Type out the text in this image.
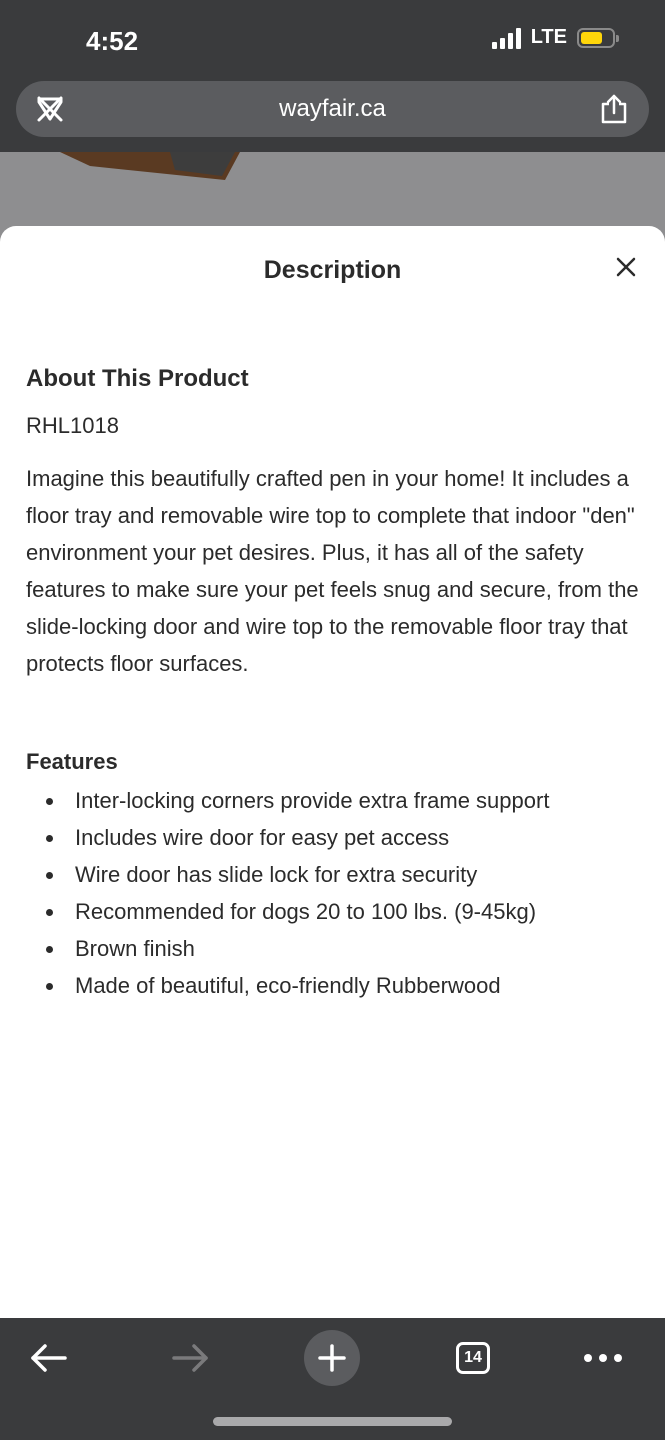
4:52	LTE
wayfair.ca
Description
About This Product
RHL1018
Imagine this beautifully crafted pen in your home! It includes a floor tray and removable wire top to complete that indoor "den" environment your pet desires. Plus, it has all of the safety features to make sure your pet feels snug and secure, from the slide-locking door and wire top to the removable floor tray that protects floor surfaces.
Features
Inter-locking corners provide extra frame support
Includes wire door for easy pet access
Wire door has slide lock for extra security
Recommended for dogs 20 to 100 lbs. (9-45kg)
Brown finish
Made of beautiful, eco-friendly Rubberwood
14
